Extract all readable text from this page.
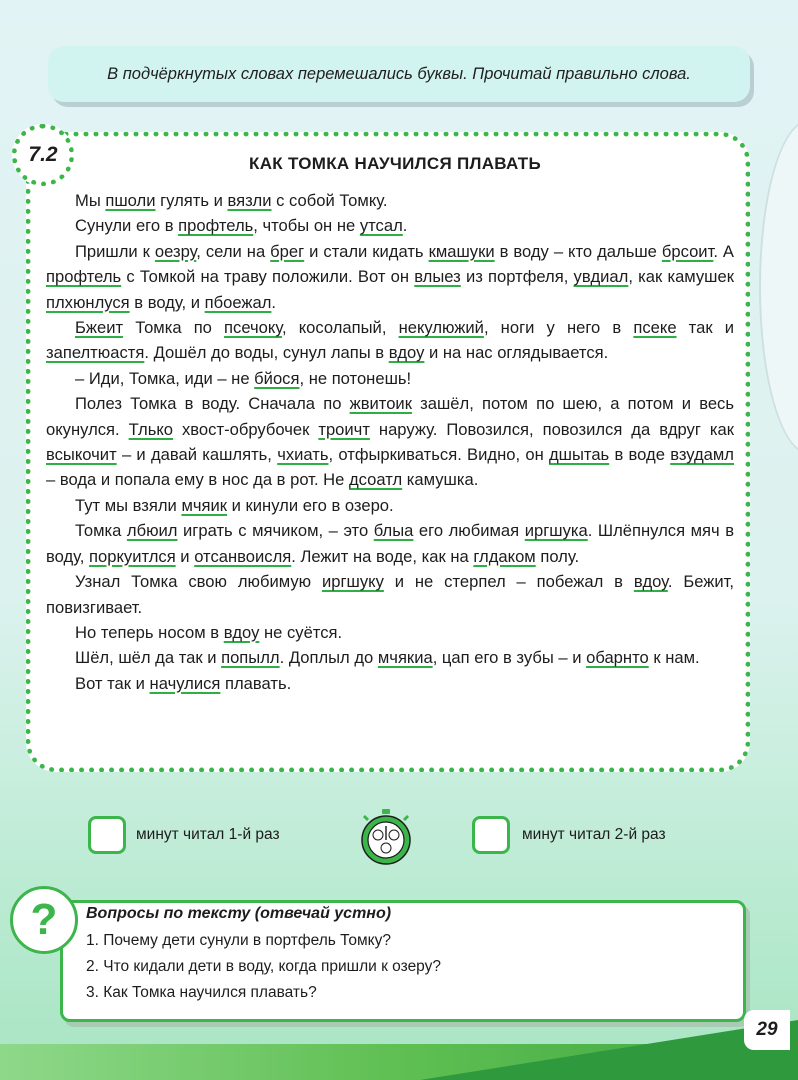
В подчёркнутых словах перемешались буквы. Прочитай правильно слова.
7.2	КАК ТОМКА НАУЧИЛСЯ ПЛАВАТЬ

Мы пшоли гулять и вязли с собой Томку.

Сунули его в профтель, чтобы он не утсал.

Пришли к оезру, сели на брег и стали кидать кмашуки в воду – кто дальше брсоит. А профтель с Томкой на траву положили. Вот он влыез из портфеля, увдиал, как камушек плхюнлуся в воду, и пбоежал.

Бжеит Томка по псечоку, косолапый, некулюжий, ноги у него в псеке так и запелтюастя. Дошёл до воды, сунул лапы в вдоу и на нас оглядывается.

– Иди, Томка, иди – не бйося, не потонешь!

Полез Томка в воду. Сначала по жвитоик зашёл, потом по шею, а потом и весь окунулся. Тлько хвост-обрубочек троичт наружу. Повозился, повозился да вдруг как всыкочит – и давай кашлять, чхиать, отфыркиваться. Видно, он дшытаь в воде взудамл – вода и попала ему в нос да в рот. Не дсоатл камушка.

Тут мы взяли мчяик и кинули его в озеро.

Томка лбюил играть с мячиком, – это блыа его любимая иргшука. Шлёпнулся мяч в воду, поркуитлся и отсанвоисля. Лежит на воде, как на глдаком полу.

Узнал Томка свою любимую иргшуку и не стерпел – побежал в вдоу. Бежит, повизгивает.

Но теперь носом в вдоу не суётся.

Шёл, шёл да так и попылл. Доплыл до мчякиа, цап его в зубы – и обарнто к нам.

Вот так и начулися плавать.

минут читал 1-й раз	минут читал 2-й раз
?	Вопросы по тексту (отвечай устно)
1. Почему дети сунули в портфель Томку?
2. Что кидали дети в воду, когда пришли к озеру?
3. Как Томка научился плавать?
29
